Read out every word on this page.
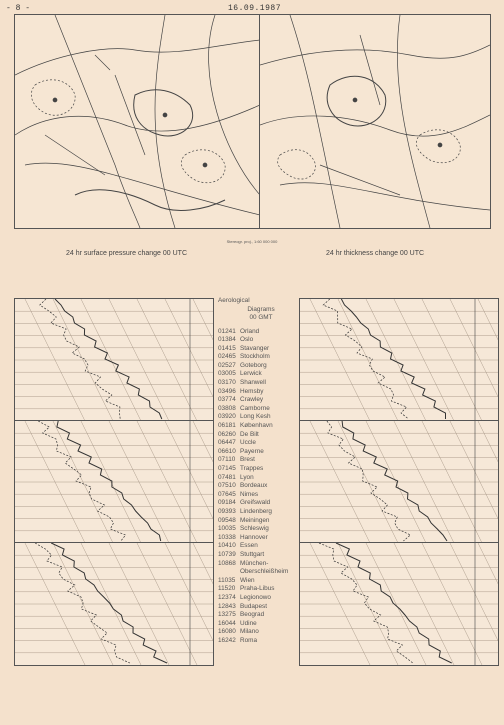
- 8 -	16.09.1987
Stereogr. proj., 1:60 000 000
24 hr surface pressure change 00 UTC	24 hr thickness change 00 UTC
Aerological
Diagrams
00 GMT
01241 Orland
01384 Oslo
01415 Stavanger
02465 Stockholm
02527 Goteborg
03005 Lerwick
03170 Shanwell
03496 Hemsby
03774 Crawley
03808 Camborne
03920 Long Kesh
06181 København
06260 De Bilt
06447 Uccle
06610 Payerne
07110 Brest
07145 Trappes
07481 Lyon
07510 Bordeaux
07645 Nimes
09184 Greifswald
09393 Lindenberg
09548 Meiningen
10035 Schleswig
10338 Hannover
10410 Essen
10739 Stuttgart
10868 München-
Oberschleißheim
11035 Wien
11520 Praha-Libus
12374 Legionowo
12843 Budapest
13275 Beograd
16044 Udine
16080 Milano
16242 Roma
